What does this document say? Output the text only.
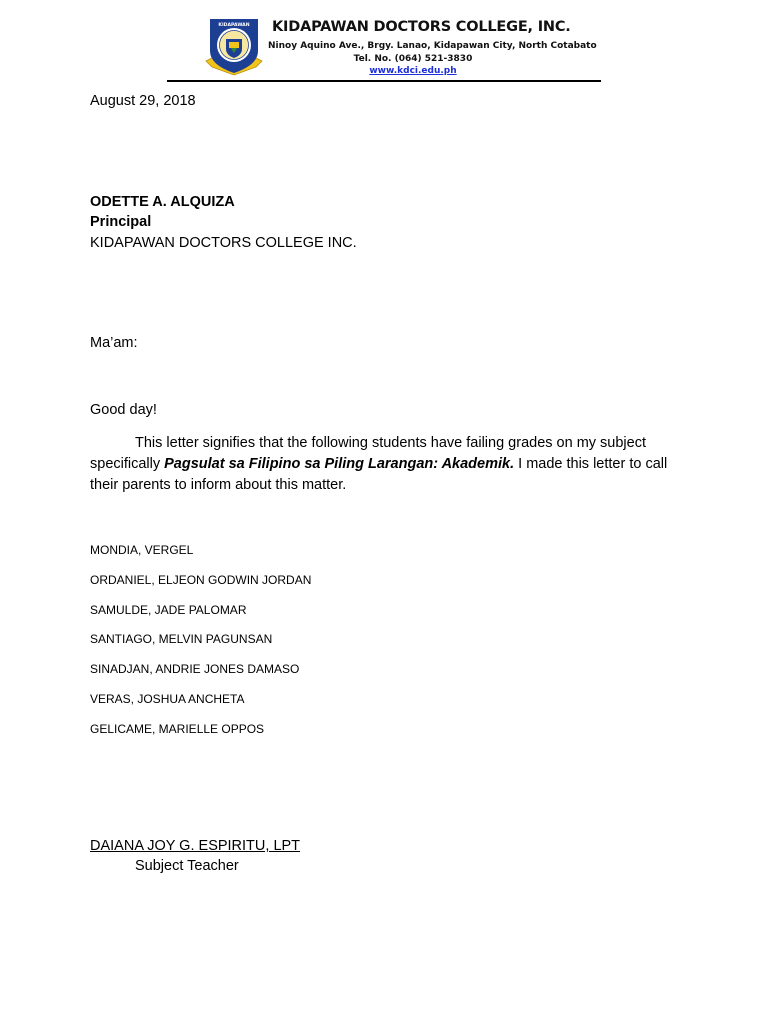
KIDAPAWAN KIDAPAWAN DOCTORS COLLEGE, INC.
Ninoy Aquino Ave., Brgy. Lanao, Kidapawan City, North Cotabato
Tel. No. (064) 521-3830
www.kdci.edu.ph
August 29, 2018
ODETTE A. ALQUIZA
Principal
KIDAPAWAN DOCTORS COLLEGE INC.
Ma’am:
Good day!
This letter signifies that the following students have failing grades on my subject specifically Pagsulat sa Filipino sa Piling Larangan: Akademik. I made this letter to call their parents to inform about this matter.
MONDIA, VERGEL
ORDANIEL, ELJEON GODWIN JORDAN
SAMULDE, JADE PALOMAR
SANTIAGO, MELVIN PAGUNSAN
SINADJAN, ANDRIE JONES DAMASO
VERAS, JOSHUA ANCHETA
GELICAME, MARIELLE OPPOS
DAIANA JOY G. ESPIRITU, LPT
Subject Teacher
